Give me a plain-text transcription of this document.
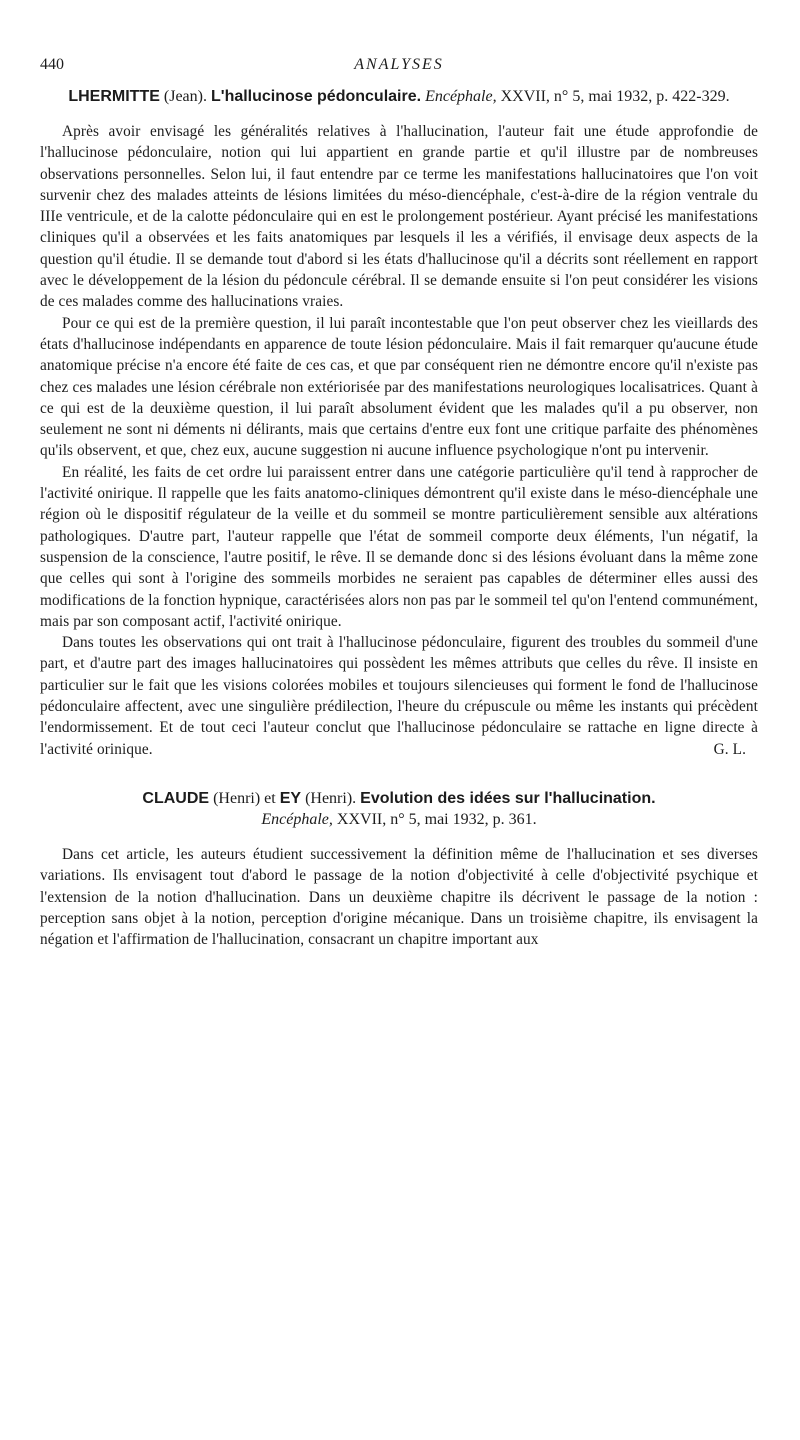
440	ANALYSES

LHERMITTE (Jean). L'hallucinose pédonculaire. Encéphale, XXVII, n° 5, mai 1932, p. 422-329.

Après avoir envisagé les généralités relatives à l'hallucination, l'auteur fait une étude approfondie de l'hallucinose pédonculaire, notion qui lui appartient en grande partie et qu'il illustre par de nombreuses observations personnelles. Selon lui, il faut entendre par ce terme les manifestations hallucinatoires que l'on voit survenir chez des malades atteints de lésions limitées du méso-diencéphale, c'est-à-dire de la région ventrale du IIIe ventricule, et de la calotte pédonculaire qui en est le prolongement postérieur. Ayant précisé les manifestations cliniques qu'il a observées et les faits anatomiques par lesquels il les a vérifiés, il envisage deux aspects de la question qu'il étudie. Il se demande tout d'abord si les états d'hallucinose qu'il a décrits sont réellement en rapport avec le développement de la lésion du pédoncule cérébral. Il se demande ensuite si l'on peut considérer les visions de ces malades comme des hallucinations vraies.

Pour ce qui est de la première question, il lui paraît incontestable que l'on peut observer chez les vieillards des états d'hallucinose indépendants en apparence de toute lésion pédonculaire. Mais il fait remarquer qu'aucune étude anatomique précise n'a encore été faite de ces cas, et que par conséquent rien ne démontre encore qu'il n'existe pas chez ces malades une lésion cérébrale non extériorisée par des manifestations neurologiques localisatrices. Quant à ce qui est de la deuxième question, il lui paraît absolument évident que les malades qu'il a pu observer, non seulement ne sont ni déments ni délirants, mais que certains d'entre eux font une critique parfaite des phénomènes qu'ils observent, et que, chez eux, aucune suggestion ni aucune influence psychologique n'ont pu intervenir.

En réalité, les faits de cet ordre lui paraissent entrer dans une catégorie particulière qu'il tend à rapprocher de l'activité onirique. Il rappelle que les faits anatomo-cliniques démontrent qu'il existe dans le méso-diencéphale une région où le dispositif régulateur de la veille et du sommeil se montre particulièrement sensible aux altérations pathologiques. D'autre part, l'auteur rappelle que l'état de sommeil comporte deux éléments, l'un négatif, la suspension de la conscience, l'autre positif, le rêve. Il se demande donc si des lésions évoluant dans la même zone que celles qui sont à l'origine des sommeils morbides ne seraient pas capables de déterminer elles aussi des modifications de la fonction hypnique, caractérisées alors non pas par le sommeil tel qu'on l'entend communément, mais par son composant actif, l'activité onirique.

Dans toutes les observations qui ont trait à l'hallucinose pédonculaire, figurent des troubles du sommeil d'une part, et d'autre part des images hallucinatoires qui possèdent les mêmes attributs que celles du rêve. Il insiste en particulier sur le fait que les visions colorées mobiles et toujours silencieuses qui forment le fond de l'hallucinose pédonculaire affectent, avec une singulière prédilection, l'heure du crépuscule ou même les instants qui précèdent l'endormissement. Et de tout ceci l'auteur conclut que l'hallucinose pédonculaire se rattache en ligne directe à l'activité orinique.	G. L.

CLAUDE (Henri) et EY (Henri). Evolution des idées sur l'hallucination.
Encéphale, XXVII, n° 5, mai 1932, p. 361.

Dans cet article, les auteurs étudient successivement la définition même de l'hallucination et ses diverses variations. Ils envisagent tout d'abord le passage de la notion d'objectivité à celle d'objectivité psychique et l'extension de la notion d'hallucination. Dans un deuxième chapitre ils décrivent le passage de la notion : perception sans objet à la notion, perception d'origine mécanique. Dans un troisième chapitre, ils envisagent la négation et l'affirmation de l'hallucination, consacrant un chapitre important aux
